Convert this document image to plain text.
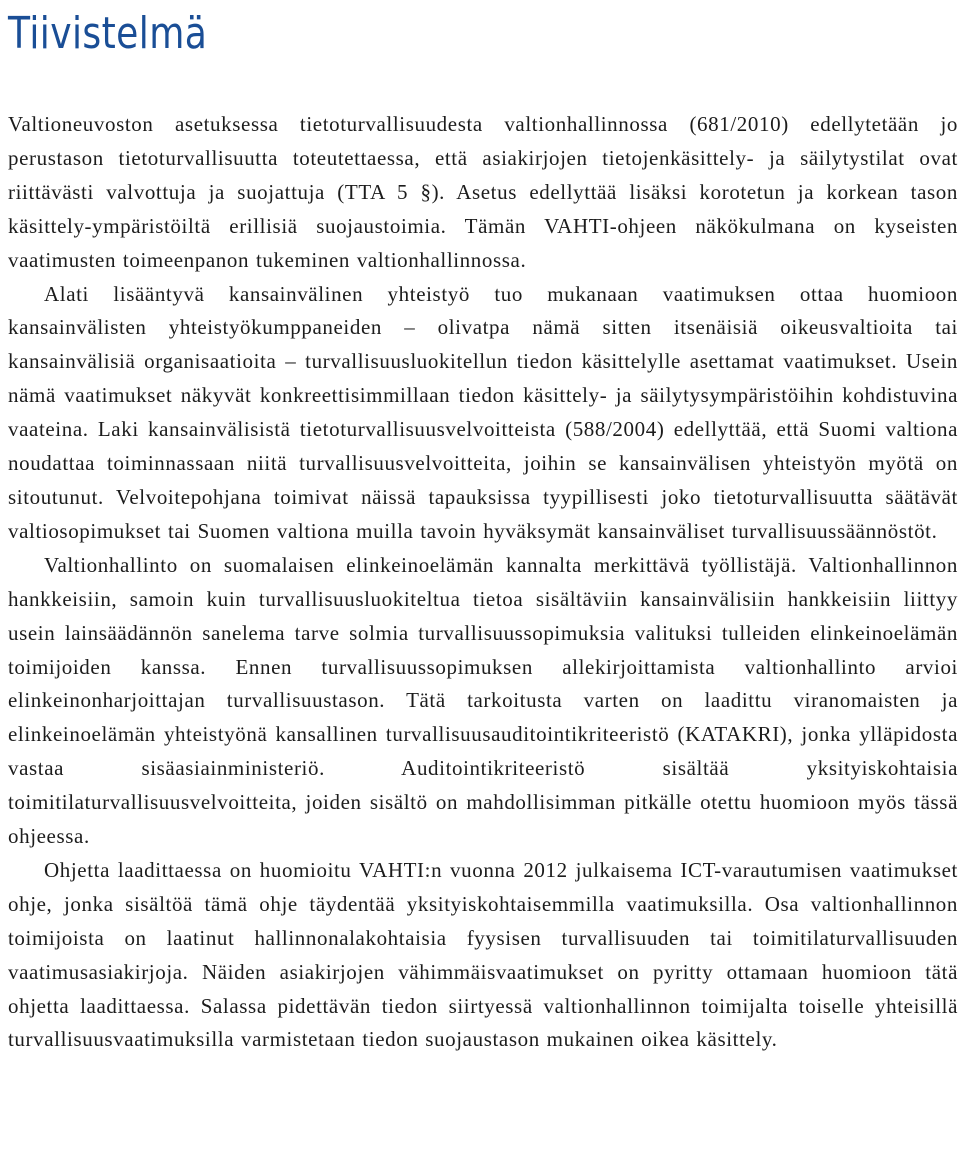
Tiivistelmä

Valtioneuvoston asetuksessa tietoturvallisuudesta valtionhallinnossa (681/2010) edellytetään jo perustason tietoturvallisuutta toteutettaessa, että asiakirjojen tietojenkäsittely- ja säilytystilat ovat riittävästi valvottuja ja suojattuja (TTA 5 §). Asetus edellyttää lisäksi korotetun ja korkean tason käsittely-ympäristöiltä erillisiä suojaustoimia. Tämän VAHTI-ohjeen näkökulmana on kyseisten vaatimusten toimeenpanon tukeminen valtionhallinnossa.

Alati lisääntyvä kansainvälinen yhteistyö tuo mukanaan vaatimuksen ottaa huomioon kansainvälisten yhteistyökumppaneiden – olivatpa nämä sitten itsenäisiä oikeusvaltioita tai kansainvälisiä organisaatioita – turvallisuusluokitellun tiedon käsittelylle asettamat vaatimukset. Usein nämä vaatimukset näkyvät konkreettisimmillaan tiedon käsittely- ja säilytysympäristöihin kohdistuvina vaateina. Laki kansainvälisistä tietoturvallisuusvelvoitteista (588/2004) edellyttää, että Suomi valtiona noudattaa toiminnassaan niitä turvallisuusvelvoitteita, joihin se kansainvälisen yhteistyön myötä on sitoutunut. Velvoitepohjana toimivat näissä tapauksissa tyypillisesti joko tietoturvallisuutta säätävät valtiosopimukset tai Suomen valtiona muilla tavoin hyväksymät kansainväliset turvallisuussäännöstöt.

Valtionhallinto on suomalaisen elinkeinoelämän kannalta merkittävä työllistäjä. Valtionhallinnon hankkeisiin, samoin kuin turvallisuusluokiteltua tietoa sisältäviin kansainvälisiin hankkeisiin liittyy usein lainsäädännön sanelema tarve solmia turvallisuussopimuksia valituksi tulleiden elinkeinoelämän toimijoiden kanssa. Ennen turvallisuussopimuksen allekirjoittamista valtionhallinto arvioi elinkeinonharjoittajan turvallisuustason. Tätä tarkoitusta varten on laadittu viranomaisten ja elinkeinoelämän yhteistyönä kansallinen turvallisuusauditointikriteeristö (KATAKRI), jonka ylläpidosta vastaa sisäasiainministeriö. Auditointikriteeristö sisältää yksityiskohtaisia toimitilaturvallisuusvelvoitteita, joiden sisältö on mahdollisimman pitkälle otettu huomioon myös tässä ohjeessa.

Ohjetta laadittaessa on huomioitu VAHTI:n vuonna 2012 julkaisema ICT-varautumisen vaatimukset ohje, jonka sisältöä tämä ohje täydentää yksityiskohtaisemmilla vaatimuksilla. Osa valtionhallinnon toimijoista on laatinut hallinnonalakohtaisia fyysisen turvallisuuden tai toimitilaturvallisuuden vaatimusasiakirjoja. Näiden asiakirjojen vähimmäisvaatimukset on pyritty ottamaan huomioon tätä ohjetta laadittaessa. Salassa pidettävän tiedon siirtyessä valtionhallinnon toimijalta toiselle yhteisillä turvallisuusvaatimuksilla varmistetaan tiedon suojaustason mukainen oikea käsittely.
